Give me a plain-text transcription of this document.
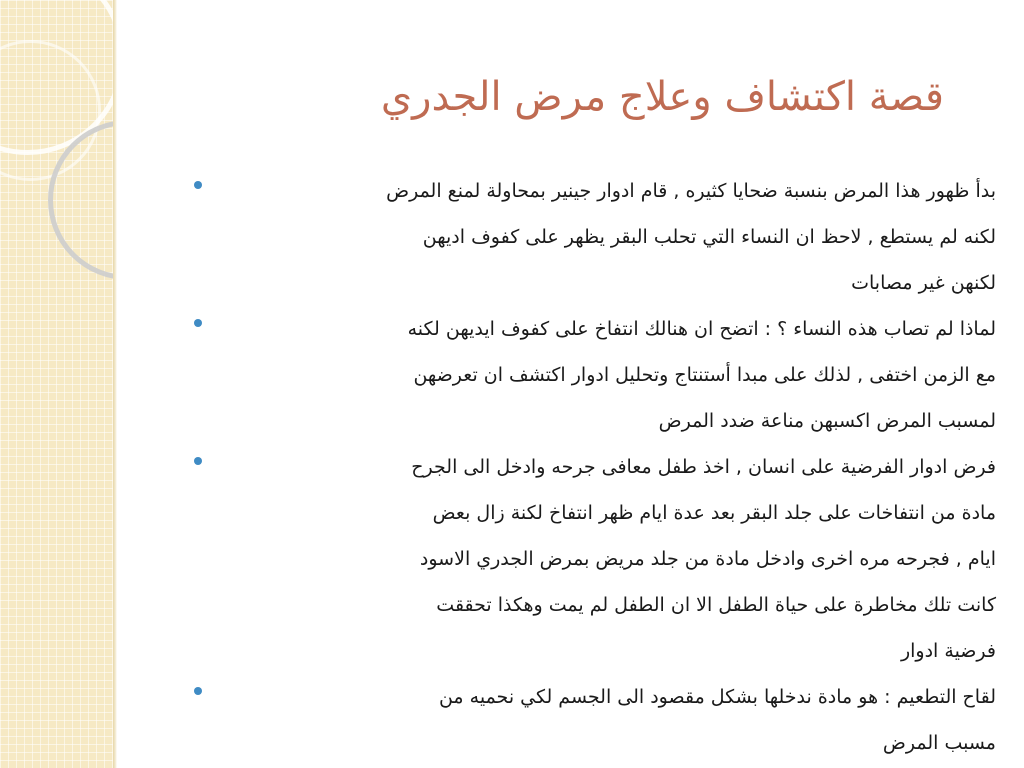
قصة اكتشاف وعلاج مرض الجدري
بدأ ظهور هذا المرض بنسبة ضحايا كثيره , قام ادوار جينير بمحاولة لمنع المرض
لكنه لم يستطع , لاحظ ان النساء التي تحلب البقر يظهر على كفوف اديهن
لكنهن غير مصابات
لماذا لم تصاب هذه النساء ؟ : اتضح ان هنالك انتفاخ على كفوف ايديهن لكنه
مع الزمن اختفى , لذلك على مبدا أستنتاج وتحليل ادوار اكتشف ان تعرضهن
لمسبب المرض اكسبهن مناعة ضدد المرض
فرض ادوار الفرضية على انسان , اخذ طفل معافى جرحه وادخل الى الجرح
مادة من انتفاخات على جلد البقر بعد عدة ايام ظهر انتفاخ لكنة زال بعض
ايام , فجرحه مره اخرى وادخل مادة من جلد مريض بمرض الجدري الاسود
كانت تلك مخاطرة على حياة الطفل الا ان الطفل لم يمت وهكذا تحققت
فرضية ادوار
لقاح التطعيم : هو مادة ندخلها بشكل مقصود الى الجسم لكي نحميه من
مسبب المرض
